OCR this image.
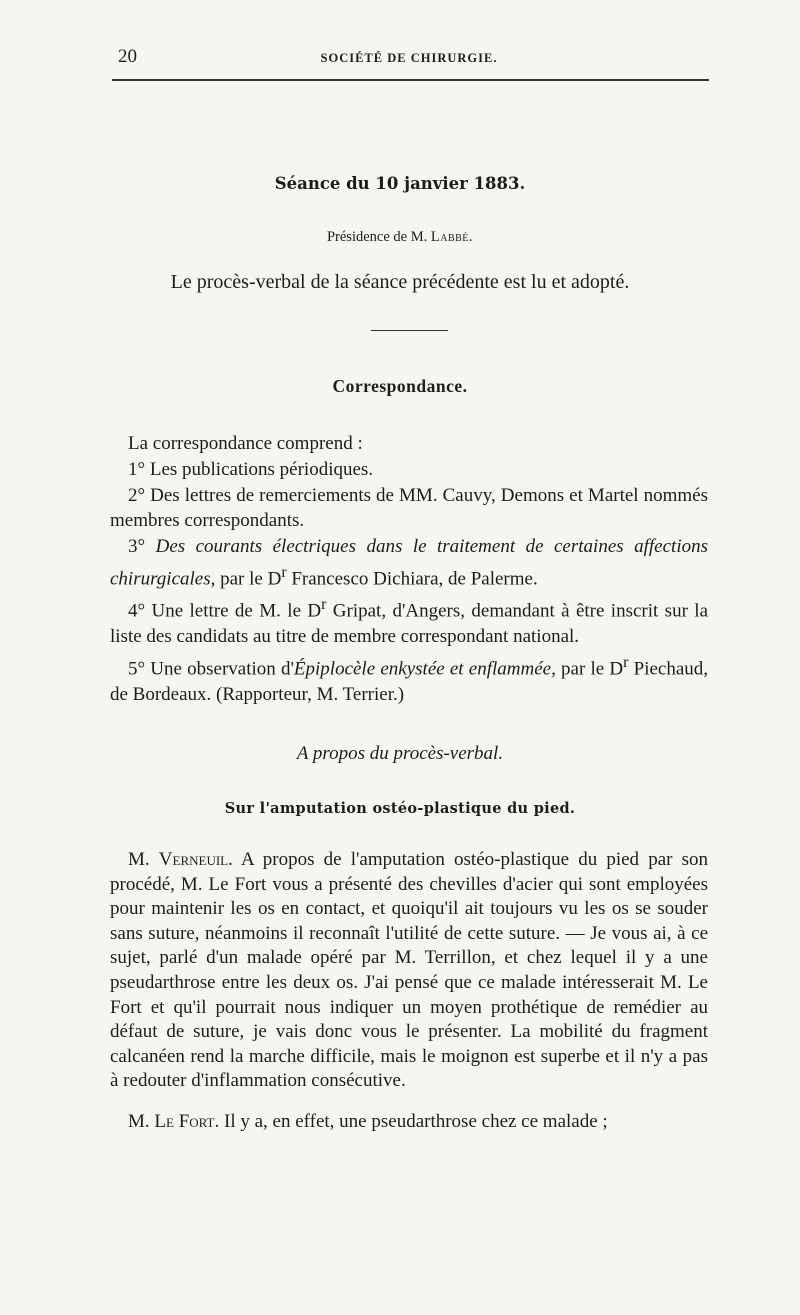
20	SOCIÉTÉ DE CHIRURGIE.
Séance du 10 janvier 1883.
Présidence de M. Labbé.
Le procès-verbal de la séance précédente est lu et adopté.
Correspondance.

La correspondance comprend :

1° Les publications périodiques.

2° Des lettres de remerciements de MM. Cauvy, Demons et Martel nommés membres correspondants.

3° Des courants électriques dans le traitement de certaines affections chirurgicales, par le $D^r$ Francesco Dichiara, de Palerme.

4° Une lettre de M. le $D^r$ Gripat, d'Angers, demandant à être inscrit sur la liste des candidats au titre de membre correspondant national.

5° Une observation d'Épiplocèle enkystée et enflammée, par le $D^r$ Piechaud, de Bordeaux. (Rapporteur, M. Terrier.)

A propos du procès-verbal.
Sur l'amputation ostéo-plastique du pied.

M. Verneuil. A propos de l'amputation ostéo-plastique du pied par son procédé, M. Le Fort vous a présenté des chevilles d'acier qui sont employées pour maintenir les os en contact, et quoiqu'il ait toujours vu les os se souder sans suture, néanmoins il reconnaît l'utilité de cette suture. — Je vous ai, à ce sujet, parlé d'un malade opéré par M. Terrillon, et chez lequel il y a une pseudarthrose entre les deux os. J'ai pensé que ce malade intéresserait M. Le Fort et qu'il pourrait nous indiquer un moyen prothétique de remédier au défaut de suture, je vais donc vous le présenter. La mobilité du fragment calcanéen rend la marche difficile, mais le moignon est superbe et il n'y a pas à redouter d'inflammation consécutive.

M. Le Fort. Il y a, en effet, une pseudarthrose chez ce malade ;
